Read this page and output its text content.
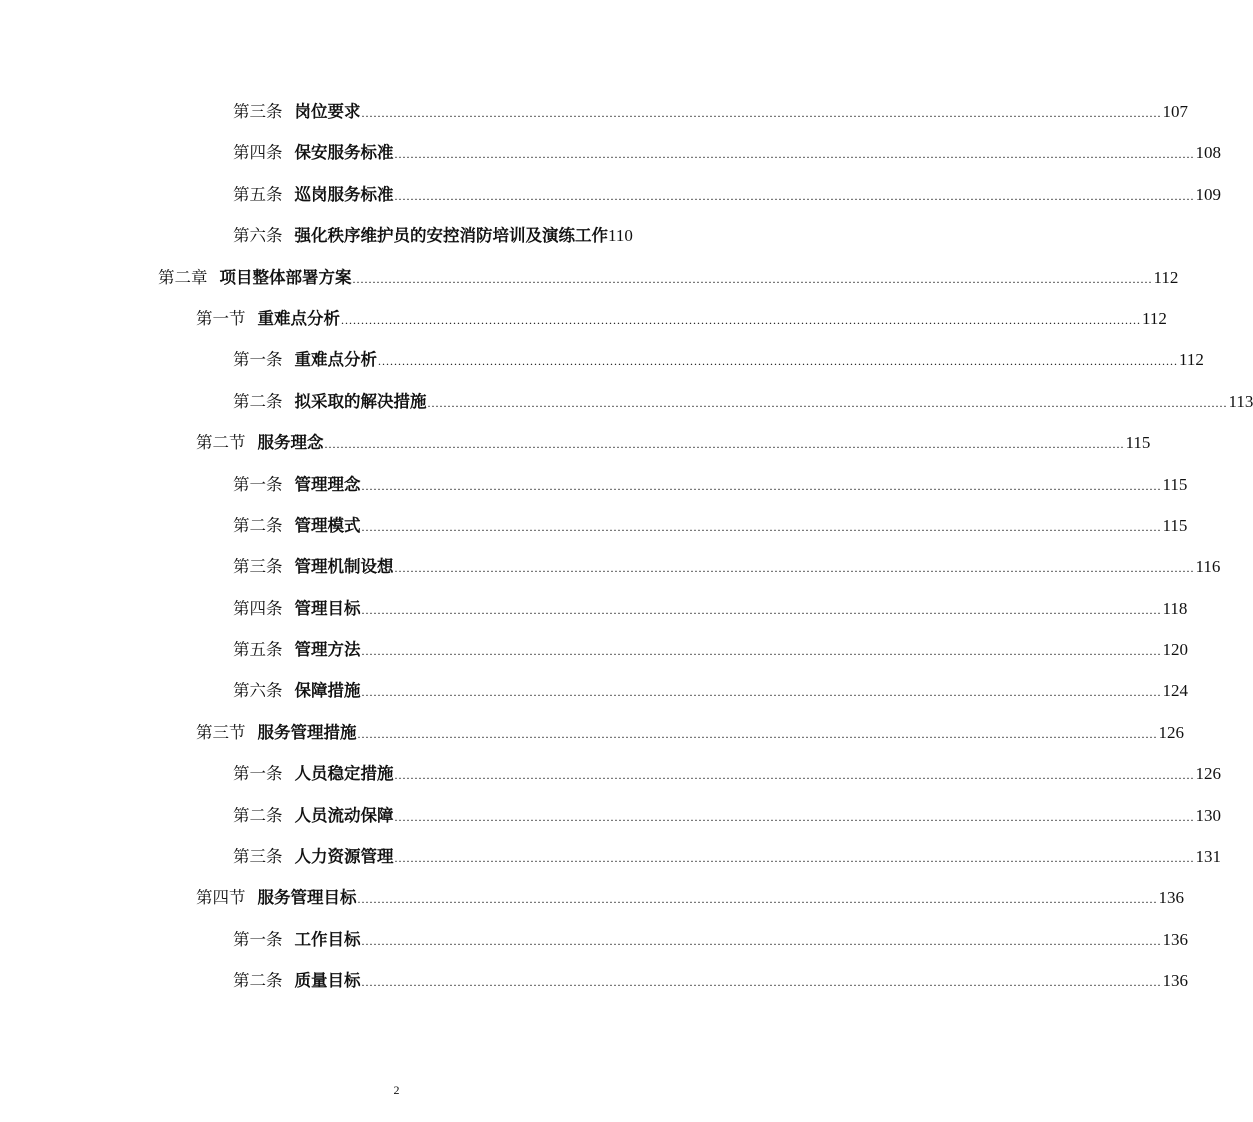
第三条 岗位要求 ........................................................................................................................................................................................................ 107
第四条 保安服务标准 ........................................................................................................................................................................................................ 108
第五条 巡岗服务标准 ........................................................................................................................................................................................................ 109
第六条 强化秩序维护员的安控消防培训及演练工作 110
第二章 项目整体部署方案 ........................................................................................................................................................................................................ 112
第一节 重难点分析 ........................................................................................................................................................................................................ 112
第一条 重难点分析 ........................................................................................................................................................................................................ 112
第二条 拟采取的解决措施 ........................................................................................................................................................................................................ 113
第二节 服务理念 ........................................................................................................................................................................................................ 115
第一条 管理理念 ........................................................................................................................................................................................................ 115
第二条 管理模式 ........................................................................................................................................................................................................ 115
第三条 管理机制设想 ........................................................................................................................................................................................................ 116
第四条 管理目标 ........................................................................................................................................................................................................ 118
第五条 管理方法 ........................................................................................................................................................................................................ 120
第六条 保障措施 ........................................................................................................................................................................................................ 124
第三节 服务管理措施 ........................................................................................................................................................................................................ 126
第一条 人员稳定措施 ........................................................................................................................................................................................................ 126
第二条 人员流动保障 ........................................................................................................................................................................................................ 130
第三条 人力资源管理 ........................................................................................................................................................................................................ 131
第四节 服务管理目标 ........................................................................................................................................................................................................ 136
第一条 工作目标 ........................................................................................................................................................................................................ 136
第二条 质量目标 ........................................................................................................................................................................................................ 136
2
